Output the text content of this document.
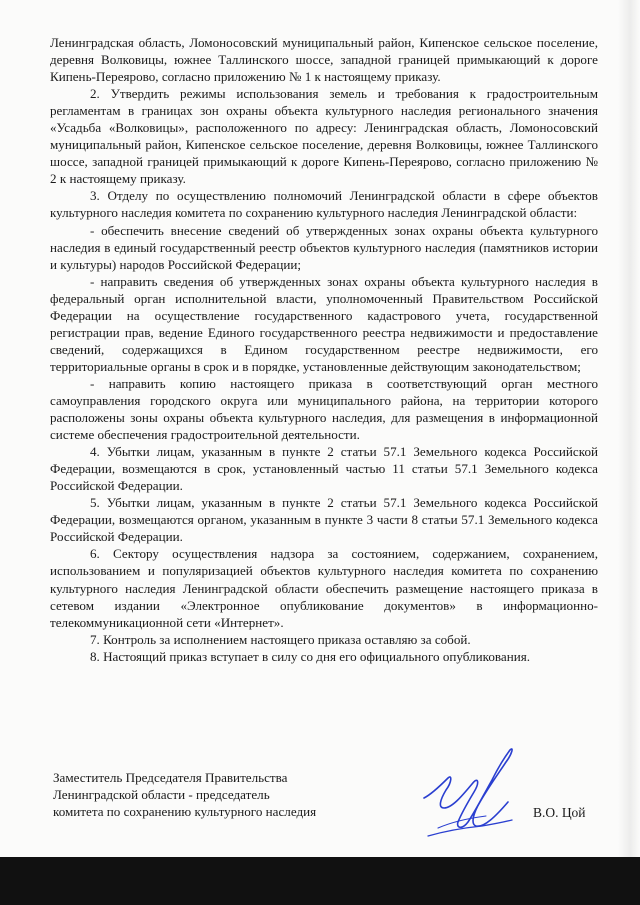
Ленинградская область, Ломоносовский муниципальный район, Кипенское сельское поселение, деревня Волковицы, южнее Таллинского шоссе, западной границей примыкающий к дороге Кипень-Переярово, согласно приложению № 1 к настоящему приказу.

2. Утвердить режимы использования земель и требования к градостроительным регламентам в границах зон охраны объекта культурного наследия регионального значения «Усадьба «Волковицы», расположенного по адресу: Ленинградская область, Ломоносовский муниципальный район, Кипенское сельское поселение, деревня Волковицы, южнее Таллинского шоссе, западной границей примыкающий к дороге Кипень-Переярово, согласно приложению № 2 к настоящему приказу.

3. Отделу по осуществлению полномочий Ленинградской области в сфере объектов культурного наследия комитета по сохранению культурного наследия Ленинградской области:

- обеспечить внесение сведений об утвержденных зонах охраны объекта культурного наследия в единый государственный реестр объектов культурного наследия (памятников истории и культуры) народов Российской Федерации;

- направить сведения об утвержденных зонах охраны объекта культурного наследия в федеральный орган исполнительной власти, уполномоченный Правительством Российской Федерации на осуществление государственного кадастрового учета, государственной регистрации прав, ведение Единого государственного реестра недвижимости и предоставление сведений, содержащихся в Едином государственном реестре недвижимости, его территориальные органы в срок и в порядке, установленные действующим законодательством;

- направить копию настоящего приказа в соответствующий орган местного самоуправления городского округа или муниципального района, на территории которого расположены зоны охраны объекта культурного наследия, для размещения в информационной системе обеспечения градостроительной деятельности.

4. Убытки лицам, указанным в пункте 2 статьи 57.1 Земельного кодекса Российской Федерации, возмещаются в срок, установленный частью 11 статьи 57.1 Земельного кодекса Российской Федерации.

5. Убытки лицам, указанным в пункте 2 статьи 57.1 Земельного кодекса Российской Федерации, возмещаются органом, указанным в пункте 3 части 8 статьи 57.1 Земельного кодекса Российской Федерации.

6. Сектору осуществления надзора за состоянием, содержанием, сохранением, использованием и популяризацией объектов культурного наследия комитета по сохранению культурного наследия Ленинградской области обеспечить размещение настоящего приказа в сетевом издании «Электронное опубликование документов» в информационно-телекоммуникационной сети «Интернет».

7. Контроль за исполнением настоящего приказа оставляю за собой.

8. Настоящий приказ вступает в силу со дня его официального опубликования.

Заместитель Председателя Правительства
Ленинградской области - председатель
комитета по сохранению культурного наследия	В.О. Цой
